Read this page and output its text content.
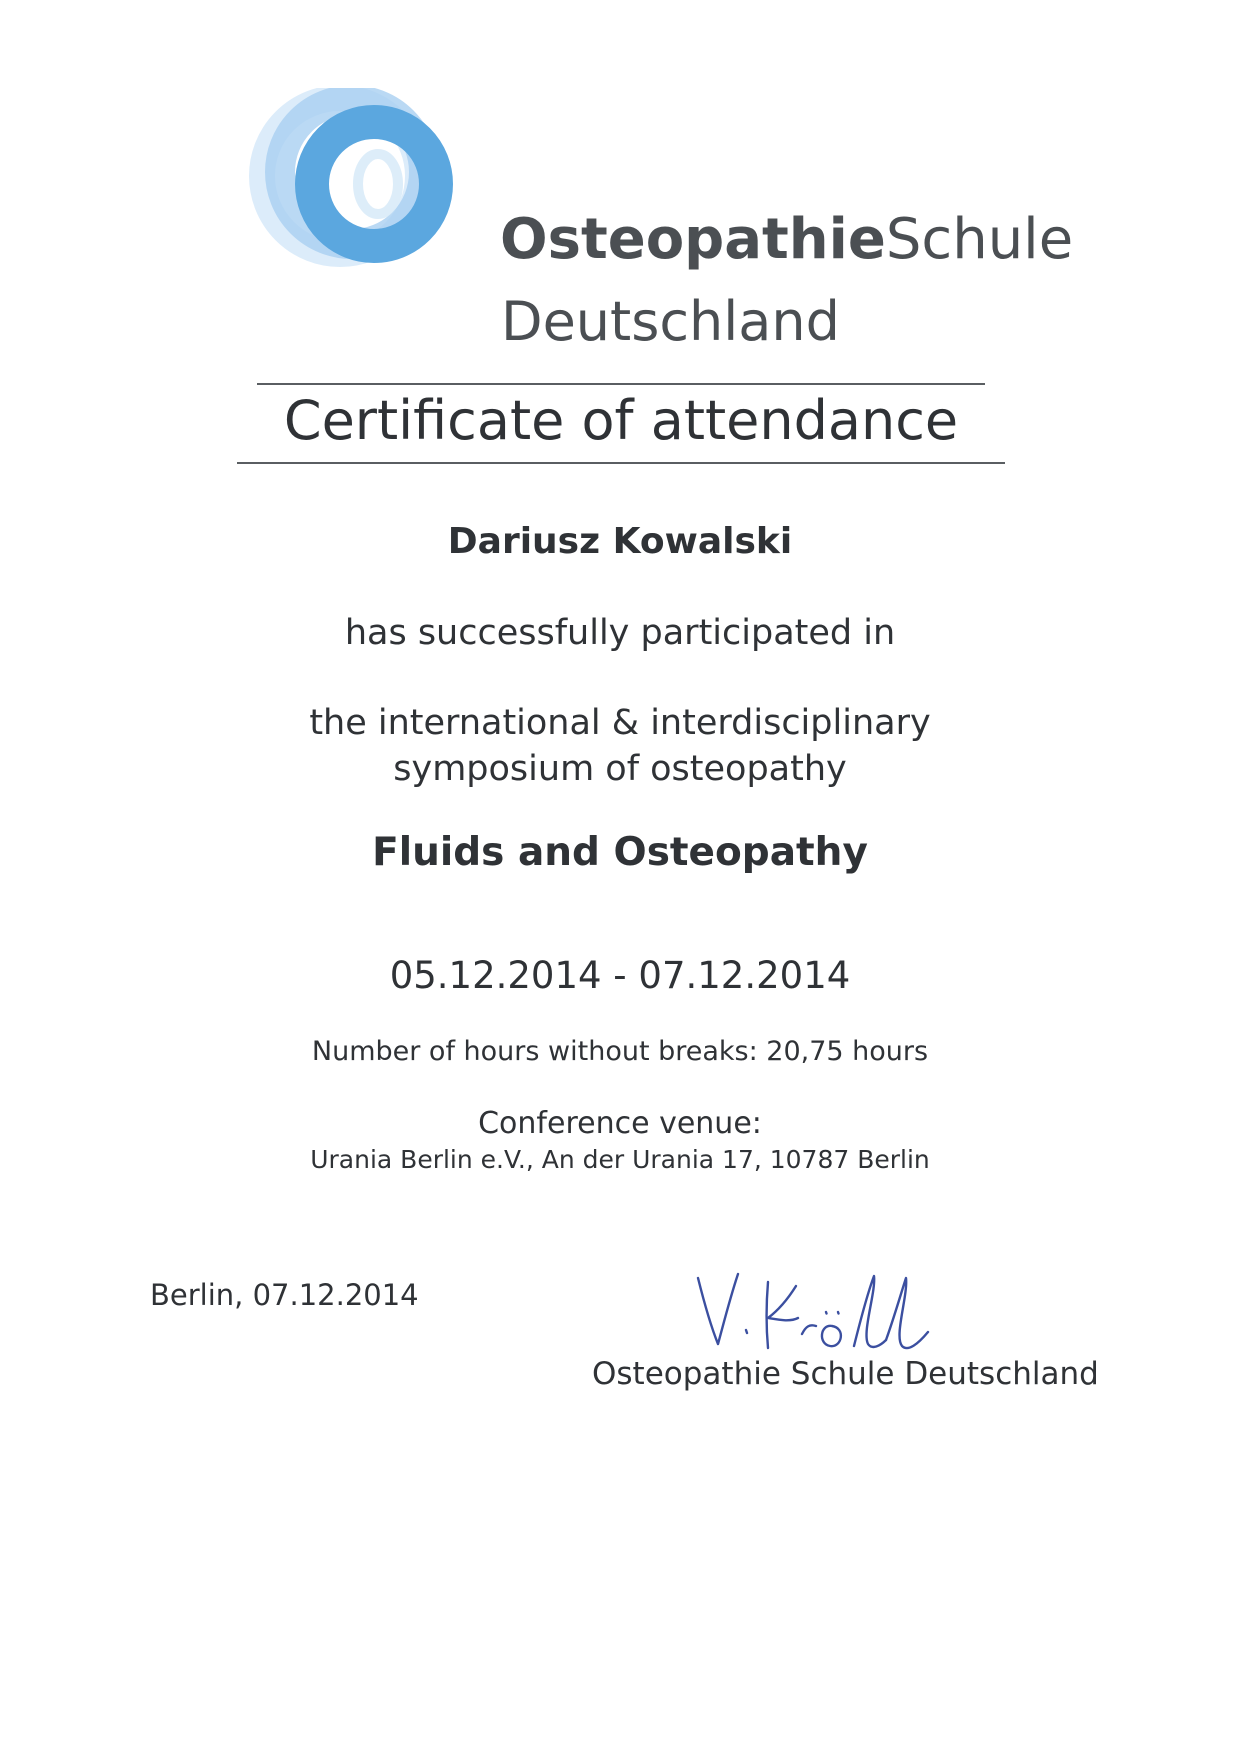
OsteopathieSchule
Deutschland
Certificate of attendance
Dariusz Kowalski
has successfully participated in
the international & interdisciplinary
symposium of osteopathy
Fluids and Osteopathy
05.12.2014 - 07.12.2014
Number of hours without breaks: 20,75 hours
Conference venue:
Urania Berlin e.V., An der Urania 17, 10787 Berlin
Berlin, 07.12.2014
Osteopathie Schule Deutschland
